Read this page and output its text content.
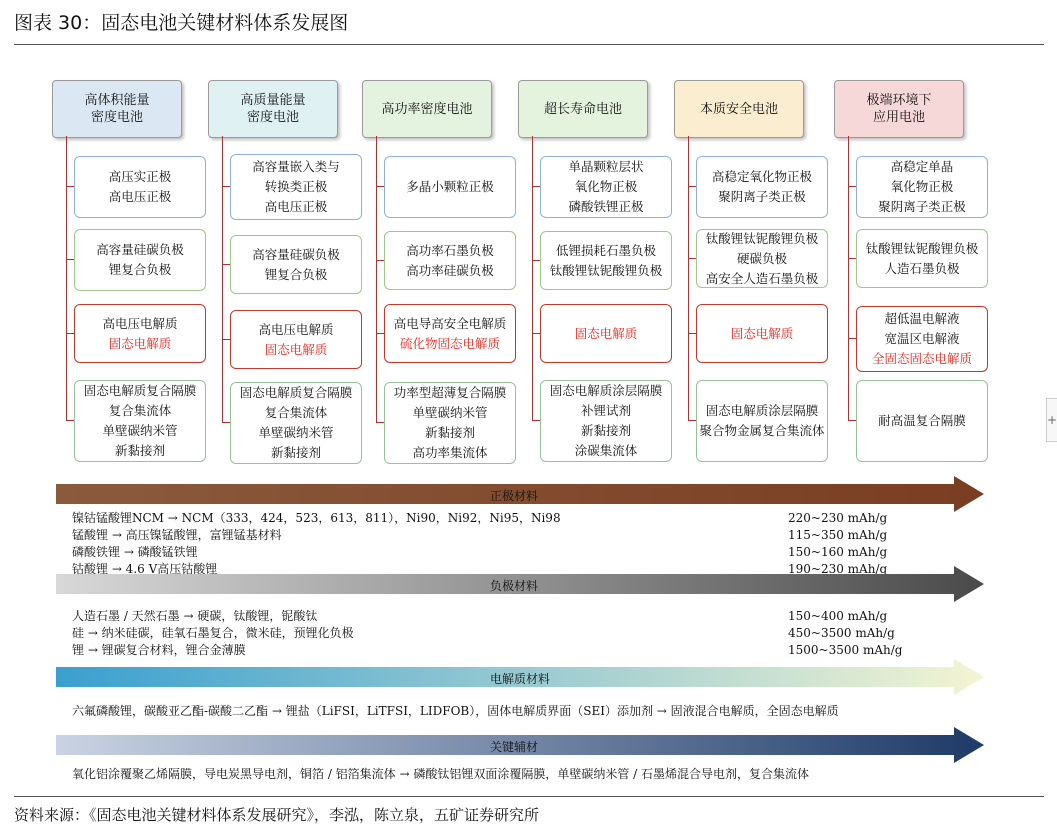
图表 30：固态电池关键材料体系发展图
高体积能量
密度电池
高压实正极
高电压正极
高容量硅碳负极
锂复合负极
高电压电解质
固态电解质
固态电解质复合隔膜
复合集流体
单壁碳纳米管
新黏接剂
高质量能量
密度电池
高容量嵌入类与
转换类正极
高电压正极
高容量硅碳负极
锂复合负极
高电压电解质
固态电解质
固态电解质复合隔膜
复合集流体
单壁碳纳米管
新黏接剂
高功率密度电池
多晶小颗粒正极
高功率石墨负极
高功率硅碳负极
高电导高安全电解质
硫化物固态电解质
功率型超薄复合隔膜
单壁碳纳米管
新黏接剂
高功率集流体
超长寿命电池
单晶颗粒层状
氧化物正极
磷酸铁锂正极
低锂损耗石墨负极
钛酸锂钛铌酸锂负极
固态电解质
固态电解质涂层隔膜
补锂试剂
新黏接剂
涂碳集流体
本质安全电池
高稳定氧化物正极
聚阴离子类正极
钛酸锂钛铌酸锂负极
硬碳负极
高安全人造石墨负极
固态电解质
固态电解质涂层隔膜
聚合物金属复合集流体
极端环境下
应用电池
高稳定单晶
氧化物正极
聚阴离子类正极
钛酸锂钛铌酸锂负极
人造石墨负极
超低温电解液
宽温区电解液
全固态固态电解质
耐高温复合隔膜
正极材料
镍钴锰酸锂NCM → NCM（333，424，523，613，811），Ni90，Ni92，Ni95，Ni98	220~230 mAh/g
锰酸锂 → 高压镍锰酸锂，富锂锰基材料	115~350 mAh/g
磷酸铁锂 → 磷酸锰铁锂	150~160 mAh/g
钴酸锂 → 4.6 V高压钴酸锂	190~230 mAh/g
负极材料
人造石墨 / 天然石墨 → 硬碳，钛酸锂，铌酸钛	150~400 mAh/g
硅 → 纳米硅碳，硅氧石墨复合，微米硅，预锂化负极	450~3500 mAh/g
锂 → 锂碳复合材料，锂合金薄膜	1500~3500 mAh/g
电解质材料
六氟磷酸锂，碳酸亚乙酯-碳酸二乙酯 → 锂盐（LiFSI，LiTFSI，LIDFOB），固体电解质界面（SEI）添加剂 → 固液混合电解质，全固态电解质
关键辅材
氧化铝涂覆聚乙烯隔膜，导电炭黑导电剂，铜箔 / 铝箔集流体 → 磷酸钛铝锂双面涂覆隔膜，单壁碳纳米管 / 石墨烯混合导电剂，复合集流体
资料来源：《固态电池关键材料体系发展研究》，李泓，陈立泉，五矿证券研究所
+
